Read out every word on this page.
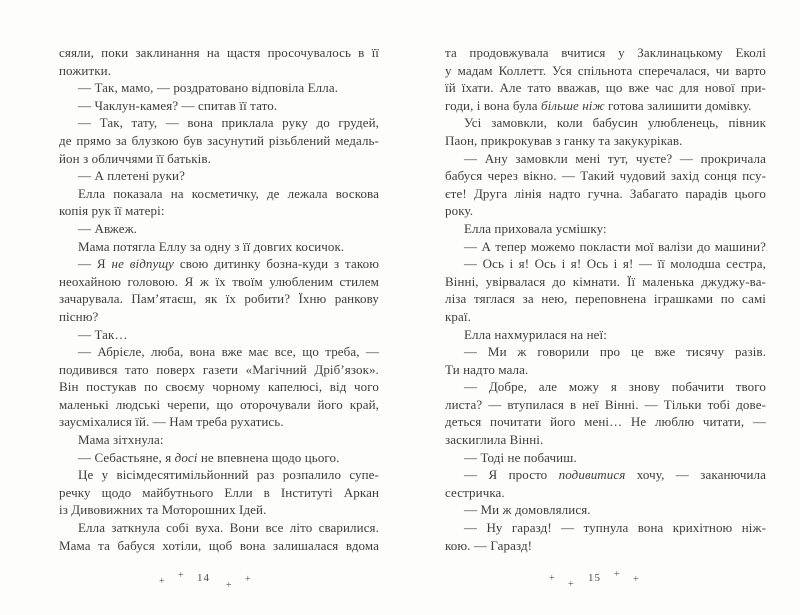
сяяли, поки заклинання на щастя просочувалось в її
пожитки.
— Так, мамо, — роздратовано відповіла Елла.
— Чаклун-камея? — спитав її тато.
— Так, тату, — вона приклала руку до грудей,
де прямо за блузкою був засунутий різьблений медаль-
йон з обличчями її батьків.
— А плетені руки?
Елла показала на косметичку, де лежала воскова
копія рук її матері:
— Авжеж.
Мама потягла Еллу за одну з її довгих косичок.
— Я не відпущу свою дитинку бозна-куди з такою
неохайною головою. Я ж їх твоїм улюбленим стилем
зачарувала. Пам’ятаєш, як їх робити? Їхню ранкову
пісню?
— Так…
— Абрієле, люба, вона вже має все, що треба, —
подивився тато поверх газети «Магічний Дріб’язок».
Він постукав по своєму чорному капелюсі, від чого
маленькі людські черепи, що оторочували його край,
заусміхалися їй. — Нам треба рухатись.
Мама зітхнула:
— Себастьяне, я досі не впевнена щодо цього.
Це у вісімдесятимільйонний раз розпалило супе-
речку щодо майбутнього Елли в Інституті Аркан
із Дивовижних та Моторошних Ідей.
Елла заткнула собі вуха. Вони все літо сварилися.
Мама та бабуся хотіли, щоб вона залишалася вдома
+
+ 14
+
+
та продовжувала вчитися у Заклинацькому Еколі
у мадам Коллетт. Уся спільнота сперечалася, чи варто
їй їхати. Але тато вважав, що вже час для нової при-
годи, і вона була більше ніж готова залишити домівку.
Усі замовкли, коли бабусин улюбленець, півник
Паон, прикрокував з ганку та закукурікав.
— Ану замовкли мені тут, чуєте? — прокричала
бабуся через вікно. — Такий чудовий захід сонця псу-
єте! Друга лінія надто гучна. Забагато парадів цього
року.
Елла приховала усмішку:
— А тепер можемо покласти мої валізи до машини?
— Ось і я! Ось і я! Ось і я! — її молодша сестра,
Вінні, увірвалася до кімнати. Її маленька джуджу-ва-
ліза тяглася за нею, переповнена іграшками по самі
краї.
Елла нахмурилася на неї:
— Ми ж говорили про це вже тисячу разів.
Ти надто мала.
— Добре, але можу я знову побачити твого
листа? — втупилася в неї Вінні. — Тільки тобі дове-
деться почитати його мені… Не люблю читати, —
заскиглила Вінні.
— Тоді не побачиш.
— Я просто подивитися хочу, — заканючила
сестричка.
— Ми ж домовлялися.
— Ну гаразд! — тупнула вона крихітною ніж-
кою. — Гаразд!
+
+
15 + +
